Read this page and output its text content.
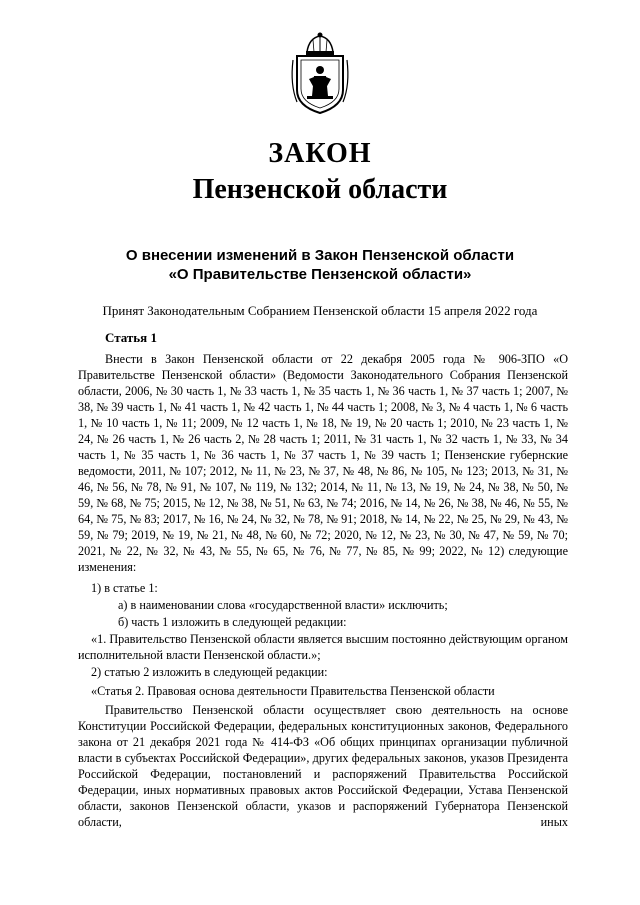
ЗАКОН
Пензенской области
О внесении изменений в Закон Пензенской области
«О Правительстве Пензенской области»
Принят Законодательным Собранием Пензенской области 15 апреля 2022 года
Статья 1
Внести в Закон Пензенской области от 22 декабря 2005 года № 906-ЗПО «О Правительстве Пензенской области» (Ведомости Законодательного Собрания Пензенской области, 2006, № 30 часть 1, № 33 часть 1, № 35 часть 1, № 36 часть 1, № 37 часть 1; 2007, № 38, № 39 часть 1, № 41 часть 1, № 42 часть 1, № 44 часть 1; 2008, № 3, № 4 часть 1, № 6 часть 1, № 10 часть 1, № 11; 2009, № 12 часть 1, № 18, № 19, № 20 часть 1; 2010, № 23 часть 1, № 24, № 26 часть 1, № 26 часть 2, № 28 часть 1; 2011, № 31 часть 1, № 32 часть 1, № 33, № 34 часть 1, № 35 часть 1, № 36 часть 1, № 37 часть 1, № 39 часть 1; Пензенские губернские ведомости, 2011, № 107; 2012, № 11, № 23, № 37, № 48, № 86, № 105, № 123; 2013, № 31, № 46, № 56, № 78, № 91, № 107, № 119, № 132; 2014, № 11, № 13, № 19, № 24, № 38, № 50, № 59, № 68, № 75; 2015, № 12, № 38, № 51, № 63, № 74; 2016, № 14, № 26, № 38, № 46, № 55, № 64, № 75, № 83; 2017, № 16, № 24, № 32, № 78, № 91; 2018, № 14, № 22, № 25, № 29, № 43, № 59, № 79; 2019, № 19, № 21, № 48, № 60, № 72; 2020, № 12, № 23, № 30, № 47, № 59, № 70; 2021, № 22, № 32, № 43, № 55, № 65, № 76, № 77, № 85, № 99; 2022, № 12) следующие изменения:
1) в статье 1:
а) в наименовании слова «государственной власти» исключить;
б) часть 1 изложить в следующей редакции:
«1. Правительство Пензенской области является высшим постоянно действующим органом исполнительной власти Пензенской области.»;
2) статью 2 изложить в следующей редакции:
«Статья 2. Правовая основа деятельности Правительства Пензенской области
Правительство Пензенской области осуществляет свою деятельность на основе Конституции Российской Федерации, федеральных конституционных законов, Федерального закона от 21 декабря 2021 года № 414-ФЗ «Об общих принципах организации публичной власти в субъектах Российской Федерации», других федеральных законов, указов Президента Российской Федерации, постановлений и распоряжений Правительства Российской Федерации, иных нормативных правовых актов Российской Федерации, Устава Пензенской области, законов Пензенской области, указов и распоряжений Губернатора Пензенской области, иных
